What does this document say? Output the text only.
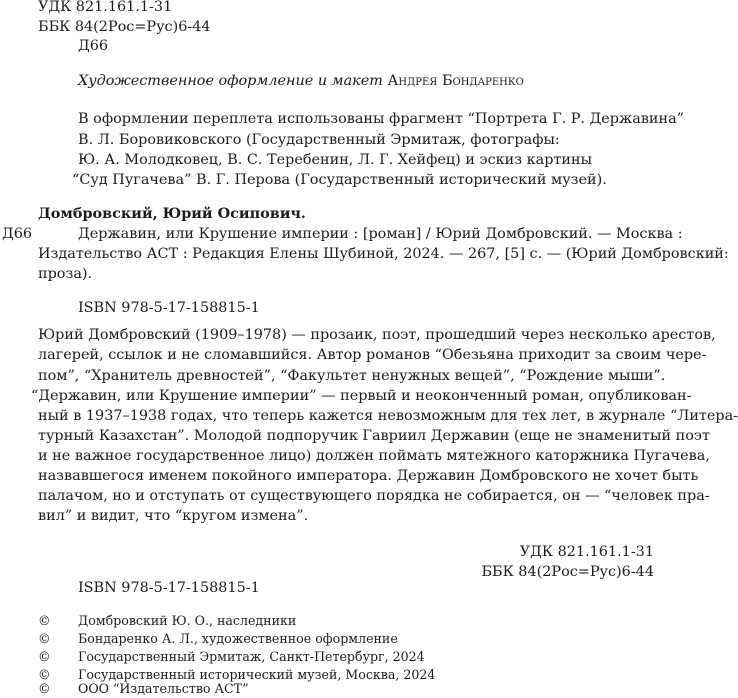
УДК 821.161.1-31
ББК 84(2Рос=Рус)6-44
Д66
Художественное оформление и макет Андрея Бондаренко
В оформлении переплета использованы фрагмент “Портрета Г. Р. Державина”
В. Л. Боровиковского (Государственный Эрмитаж, фотографы:
Ю. А. Молодковец, В. С. Теребенин, Л. Г. Хейфец) и эскиз картины
“Суд Пугачева” В. Г. Перова (Государственный исторический музей).
Домбровский, Юрий Осипович.
Д66	Державин, или Крушение империи : [роман] / Юрий Домбровский. — Москва :
Издательство АСТ : Редакция Елены Шубиной, 2024. — 267, [5] с. — (Юрий Домбровский:
проза).
ISBN 978-5-17-158815-1
Юрий Домбровский (1909–1978) — прозаик, поэт, прошедший через несколько арестов,
лагерей, ссылок и не сломавшийся. Автор романов “Обезьяна приходит за своим чере-
пом”, “Хранитель древностей”, “Факультет ненужных вещей”, “Рождение мыши”.
“Державин, или Крушение империи” — первый и неоконченный роман, опубликован-
ный в 1937–1938 годах, что теперь кажется невозможным для тех лет, в журнале “Литера-
турный Казахстан”. Молодой подпоручик Гавриил Державин (еще не знаменитый поэт
и не важное государственное лицо) должен поймать мятежного каторжника Пугачева,
назвавшегося именем покойного императора. Державин Домбровского не хочет быть
палачом, но и отступать от существующего порядка не собирается, он — “человек пра-
вил” и видит, что “кругом измена”.
УДК 821.161.1-31
ББК 84(2Рос=Рус)6-44
ISBN 978-5-17-158815-1
© Домбровский Ю. О., наследники
© Бондаренко А. Л., художественное оформление
© Государственный Эрмитаж, Санкт-Петербург, 2024
© Государственный исторический музей, Москва, 2024
© ООО “Издательство АСТ”
